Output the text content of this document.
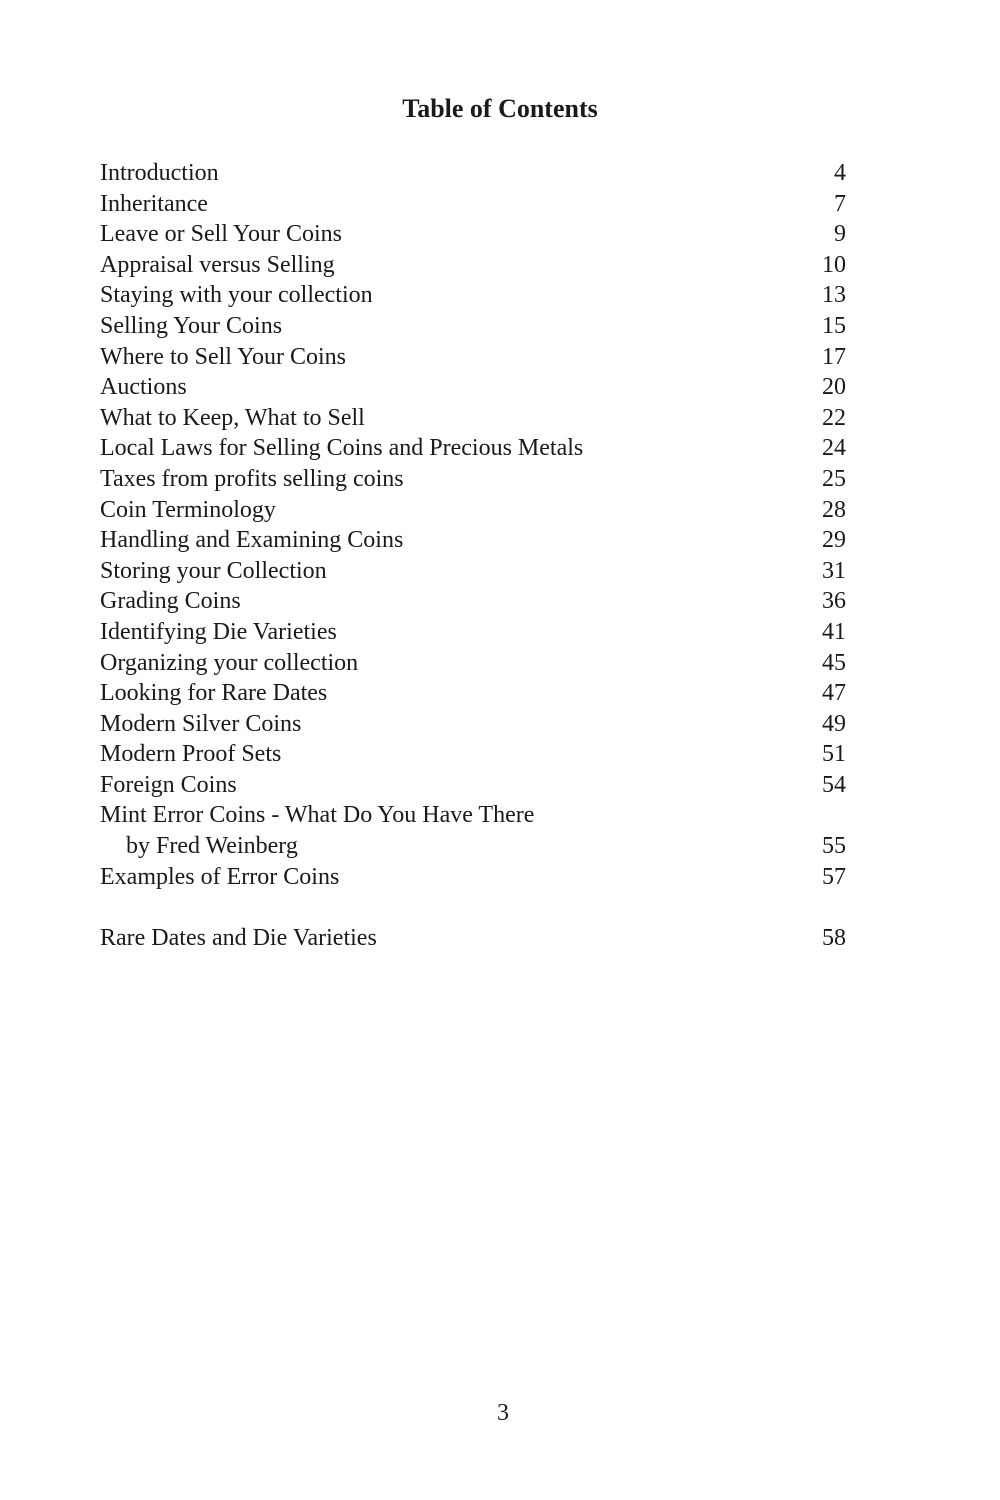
Table of Contents
Introduction	4
Inheritance	7
Leave or Sell Your Coins	9
Appraisal versus Selling	10
Staying with your collection	13
Selling Your Coins	15
Where to Sell Your Coins	17
Auctions	20
What to Keep, What to Sell	22
Local Laws for Selling Coins and Precious Metals	24
Taxes from profits selling coins	25
Coin Terminology	28
Handling and Examining Coins	29
Storing your Collection	31
Grading Coins	36
Identifying Die Varieties	41
Organizing your collection	45
Looking for Rare Dates	47
Modern Silver Coins	49
Modern Proof Sets	51
Foreign Coins	54
Mint Error Coins - What Do You Have There
by Fred Weinberg	55
Examples of Error Coins	57
Rare Dates and Die Varieties	58
3
